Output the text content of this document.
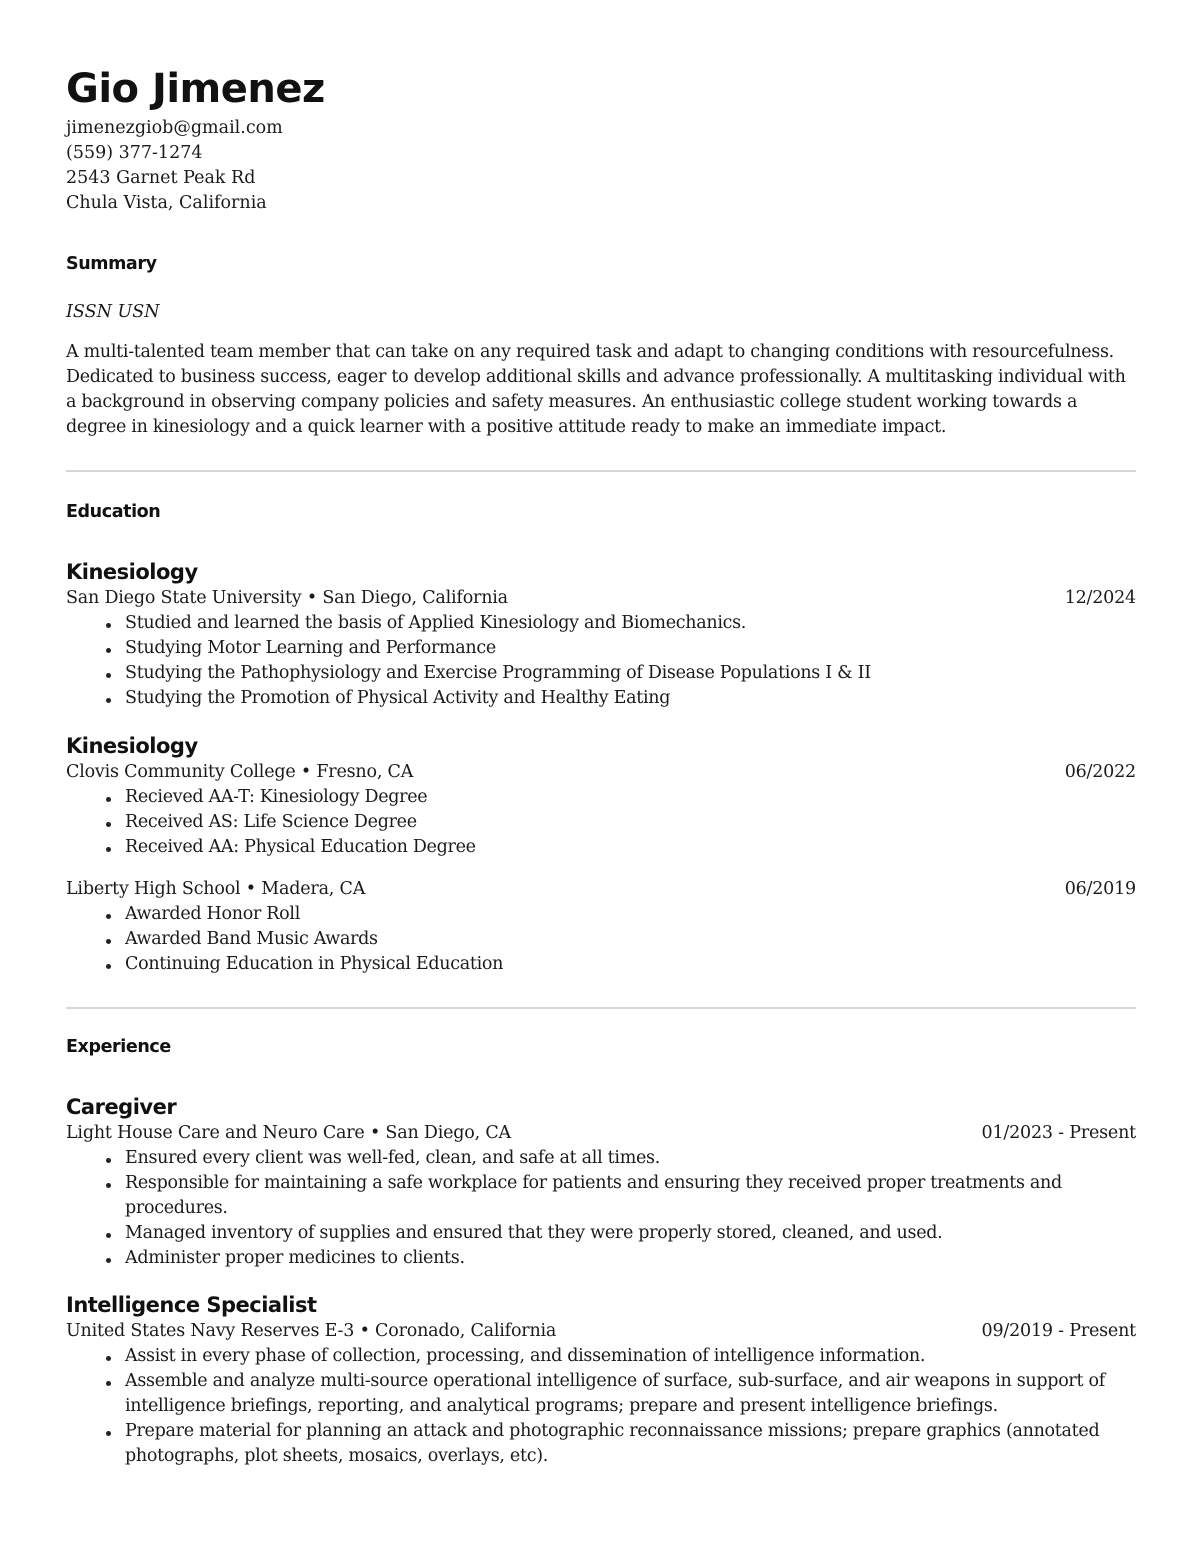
Gio Jimenez
jimenezgiob@gmail.com
(559) 377-1274
2543 Garnet Peak Rd
Chula Vista, California
Summary
ISSN USN
A multi-talented team member that can take on any required task and adapt to changing conditions with resourcefulness. Dedicated to business success, eager to develop additional skills and advance professionally. A multitasking individual with a background in observing company policies and safety measures. An enthusiastic college student working towards a degree in kinesiology and a quick learner with a positive attitude ready to make an immediate impact.
Education
Kinesiology
San Diego State University • San Diego, California	12/2024
Studied and learned the basis of Applied Kinesiology and Biomechanics.
Studying Motor Learning and Performance
Studying the Pathophysiology and Exercise Programming of Disease Populations I & II
Studying the Promotion of Physical Activity and Healthy Eating
Kinesiology
Clovis Community College • Fresno, CA	06/2022
Recieved AA-T: Kinesiology Degree
Received AS: Life Science Degree
Received AA: Physical Education Degree
Liberty High School • Madera, CA	06/2019
Awarded Honor Roll
Awarded Band Music Awards
Continuing Education in Physical Education
Experience
Caregiver
Light House Care and Neuro Care • San Diego, CA	01/2023 - Present
Ensured every client was well-fed, clean, and safe at all times.
Responsible for maintaining a safe workplace for patients and ensuring they received proper treatments and procedures.
Managed inventory of supplies and ensured that they were properly stored, cleaned, and used.
Administer proper medicines to clients.
Intelligence Specialist
United States Navy Reserves E-3 • Coronado, California	09/2019 - Present
Assist in every phase of collection, processing, and dissemination of intelligence information.
Assemble and analyze multi-source operational intelligence of surface, sub-surface, and air weapons in support of intelligence briefings, reporting, and analytical programs; prepare and present intelligence briefings.
Prepare material for planning an attack and photographic reconnaissance missions; prepare graphics (annotated photographs, plot sheets, mosaics, overlays, etc).
